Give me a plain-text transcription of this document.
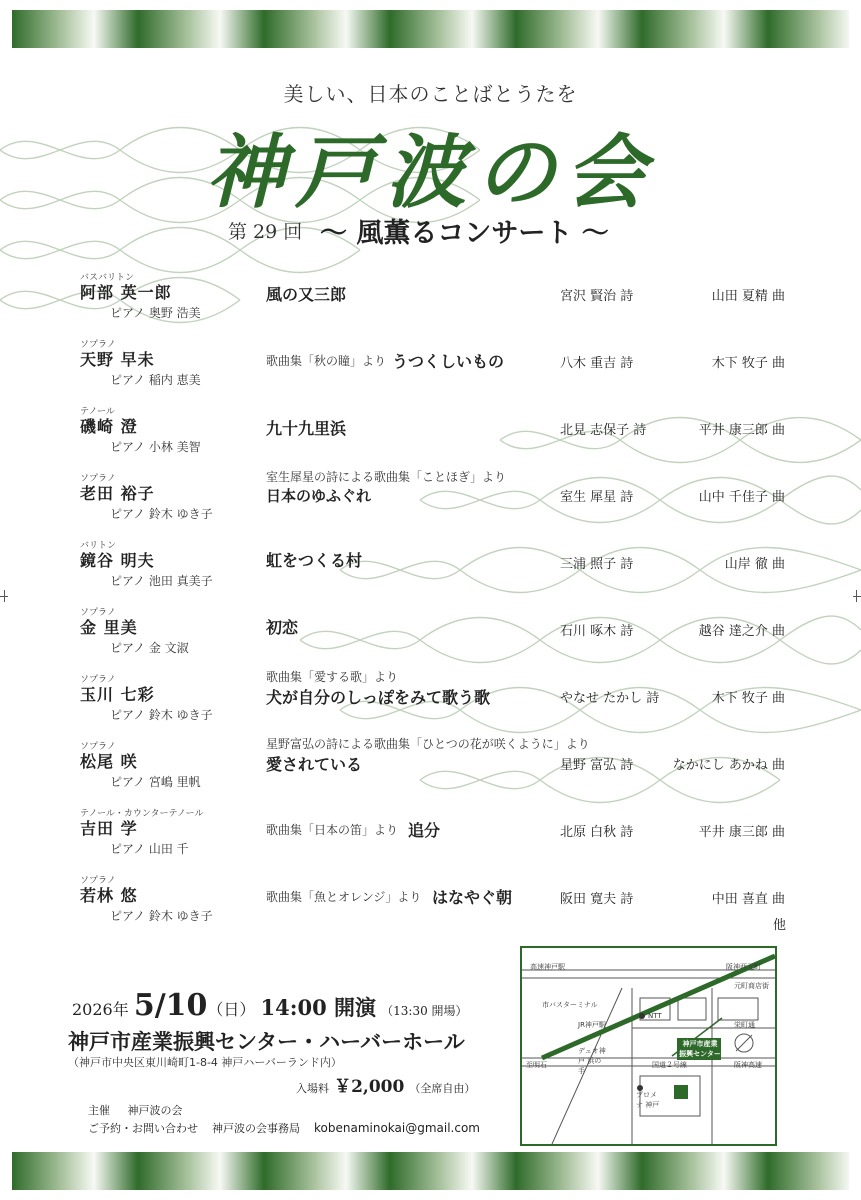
美しい、日本のことばとうたを
神戸波の会
第 29 回 〜 風薫るコンサート 〜
バスバリトン
阿部 英一郎
ピアノ 奥野 浩美
風の又三郎	宮沢 賢治 詩	山田 夏精 曲
ソプラノ
天野 早未
ピアノ 稲内 恵美
歌曲集「秋の瞳」より うつくしいもの	八木 重吉 詩	木下 牧子 曲
テノール
磯崎 澄
ピアノ 小林 美智
九十九里浜	北見 志保子 詩	平井 康三郎 曲
ソプラノ
老田 裕子
ピアノ 鈴木 ゆき子
室生犀星の詩による歌曲集「ことほぎ」より
日本のゆふぐれ	室生 犀星 詩	山中 千佳子 曲
バリトン
鏡谷 明夫
ピアノ 池田 真美子
虹をつくる村	三浦 照子 詩	山岸 徹 曲
ソプラノ
金 里美
ピアノ 金 文淑
初恋	石川 啄木 詩	越谷 達之介 曲
ソプラノ
玉川 七彩
ピアノ 鈴木 ゆき子
歌曲集「愛する歌」より
犬が自分のしっぽをみて歌う歌	やなせ たかし 詩	木下 牧子 曲
ソプラノ
松尾 咲
ピアノ 宮嶋 里帆
星野富弘の詩による歌曲集「ひとつの花が咲くように」より
愛されている	星野 富弘 詩	なかにし あかね 曲
テノール・カウンターテノール
吉田 学
ピアノ 山田 千
歌曲集「日本の笛」より 追分	北原 白秋 詩	平井 康三郎 曲
ソプラノ
若林 悠
ピアノ 鈴木 ゆき子
歌曲集「魚とオレンジ」より はなやぐ朝	阪田 寛夫 詩	中田 喜直 曲
他
2026年 5/10（日） 14:00 開演 （13:30 開場）
神戸市産業振興センター・ハーバーホール
（神戸市中央区東川崎町1-8-4 神戸ハーバーランド内）
入場料 ￥2,000 （全席自由）
主催 神戸波の会
ご予約・お問い合わせ 神戸波の会事務局 kobenaminokai@gmail.com
高速神戸駅	阪神西元町
元町商店街
市バスターミナル
JR神戸駅
NTT
栄町通
デュオ神戸 浜の手
神戸市産業 振興センター
国道２号線	阪神高速
至明石
プロメナ 神戸
